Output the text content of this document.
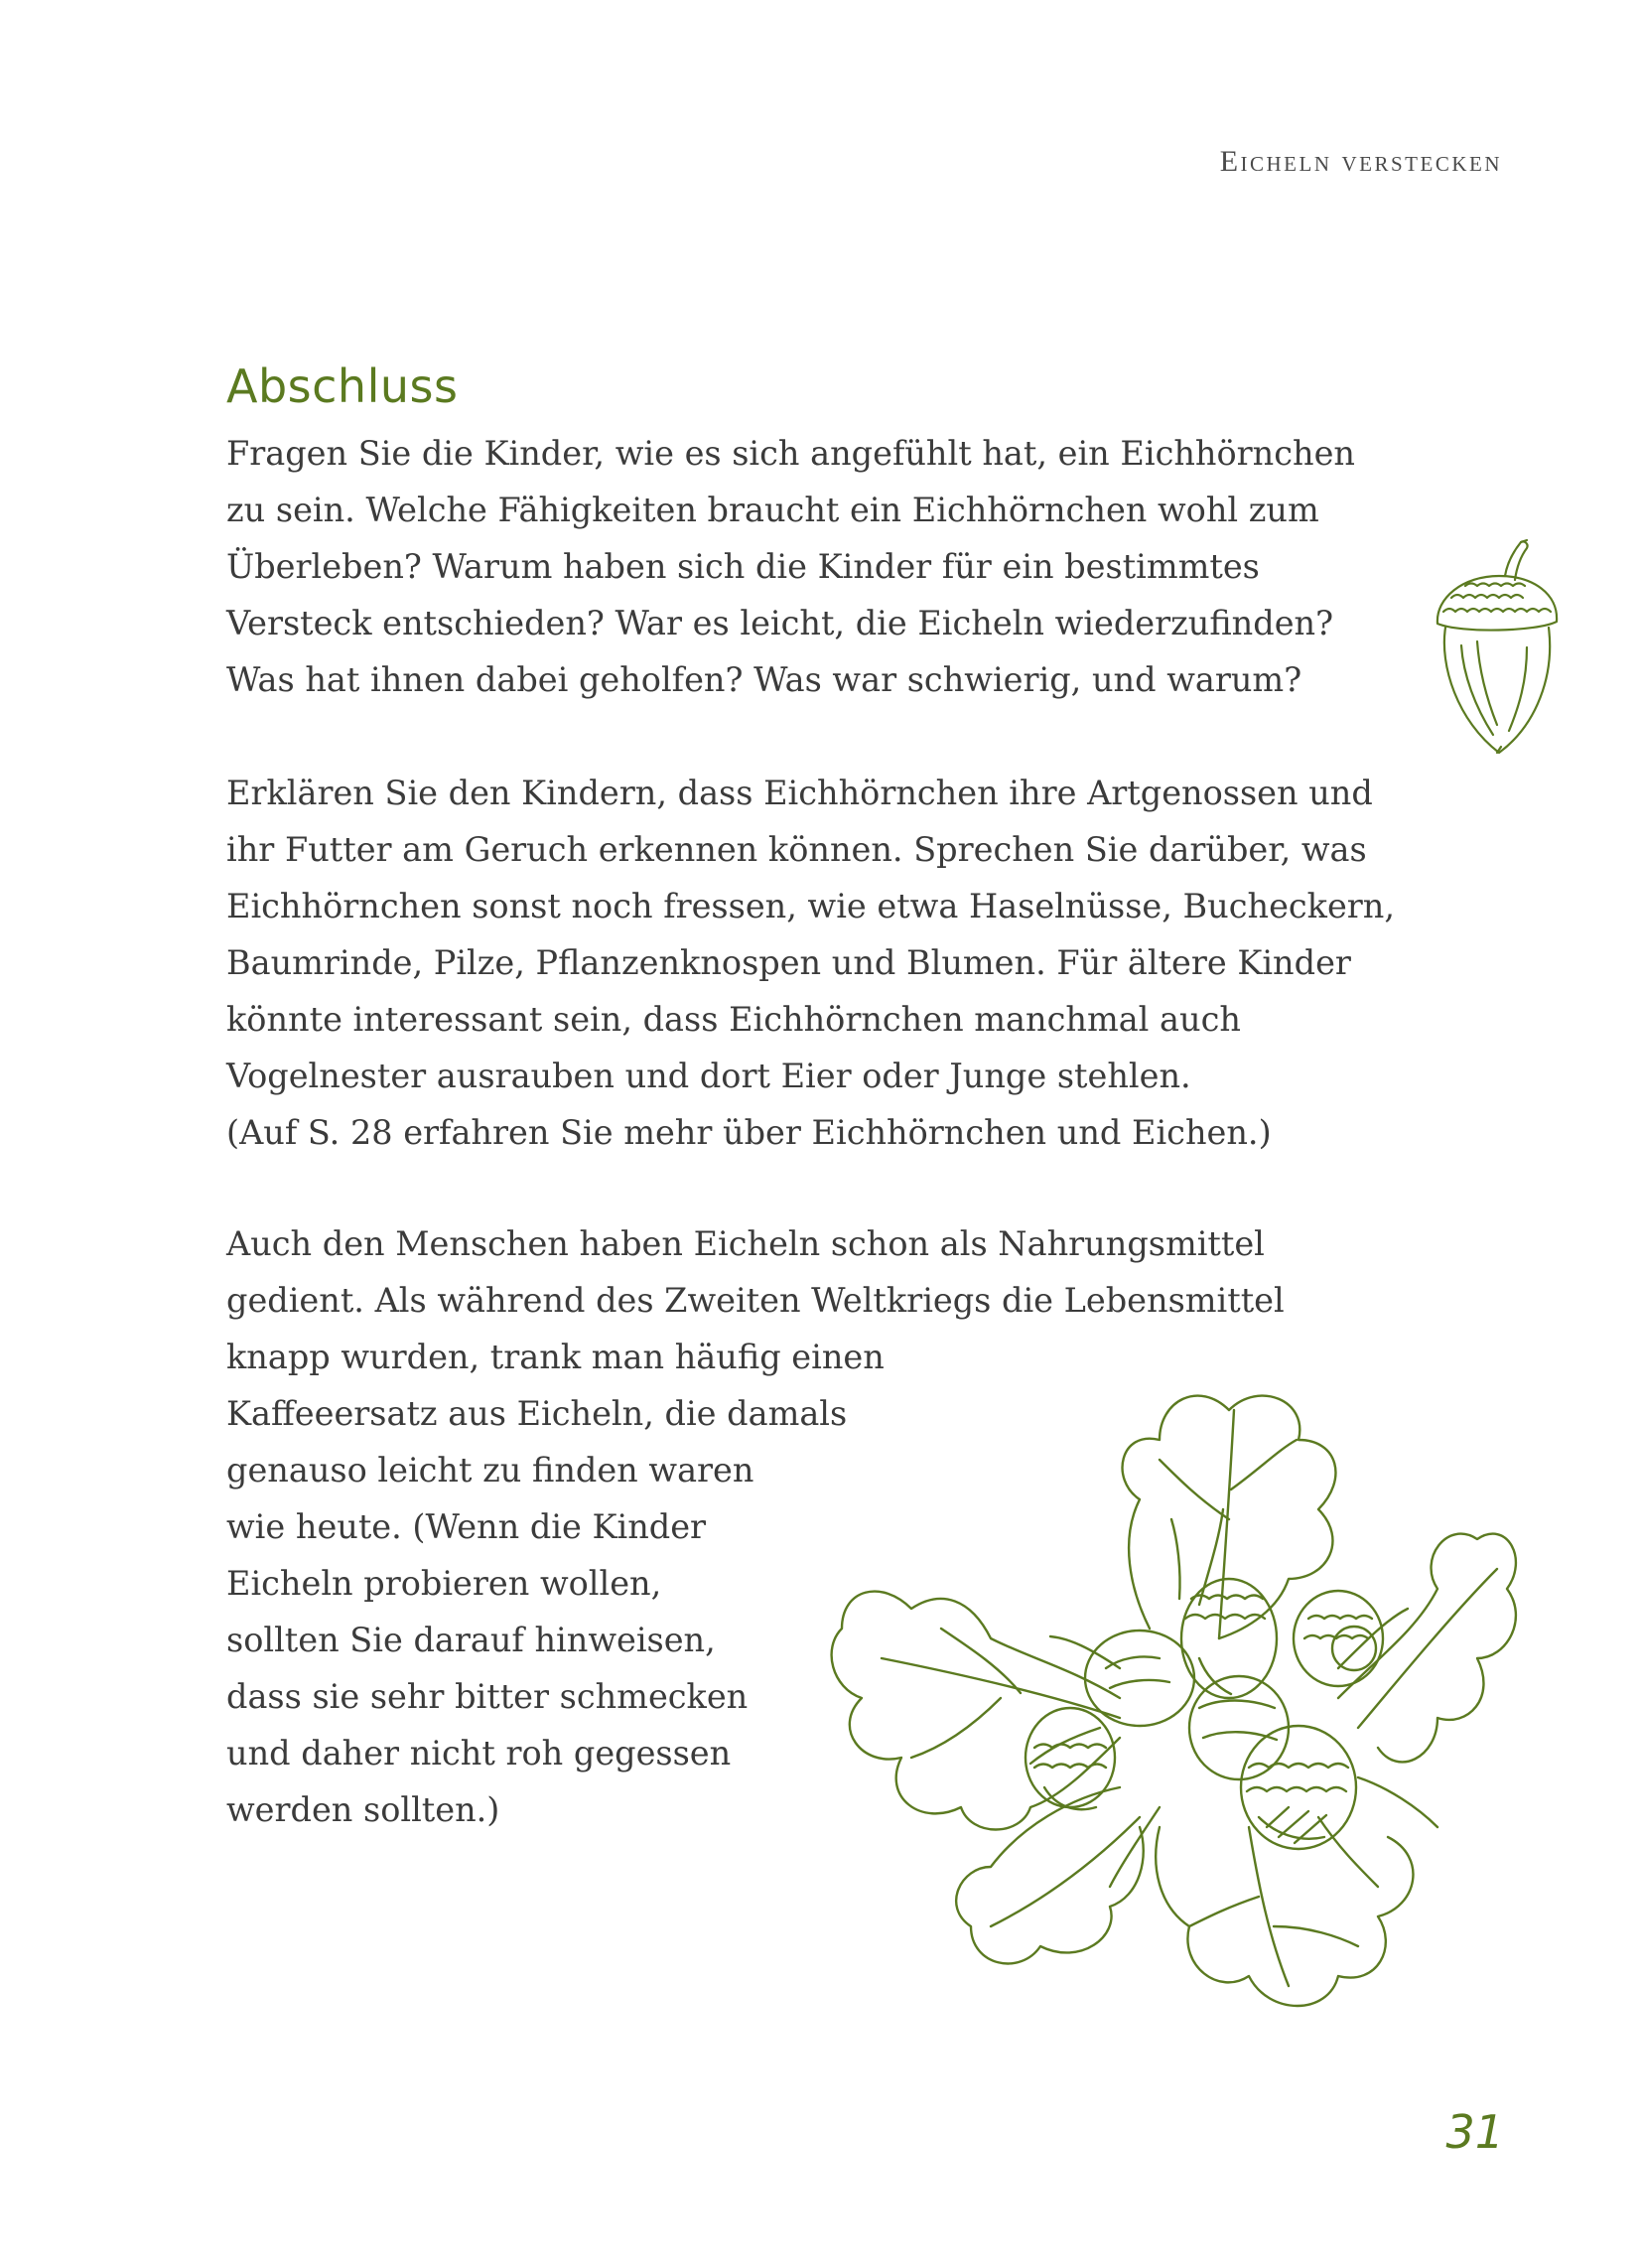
Eicheln verstecken
Abschluss

Fragen Sie die Kinder, wie es sich angefühlt hat, ein Eichhörnchen
zu sein. Welche Fähigkeiten braucht ein Eichhörnchen wohl zum
Überleben? Warum haben sich die Kinder für ein bestimmtes
Versteck entschieden? War es leicht, die Eicheln wiederzufinden?
Was hat ihnen dabei geholfen? Was war schwierig, und warum?

Erklären Sie den Kindern, dass Eichhörnchen ihre Artgenossen und
ihr Futter am Geruch erkennen können. Sprechen Sie darüber, was
Eichhörnchen sonst noch fressen, wie etwa Haselnüsse, Bucheckern,
Baumrinde, Pilze, Pflanzenknospen und Blumen. Für ältere Kinder
könnte interessant sein, dass Eichhörnchen manchmal auch
Vogelnester ausrauben und dort Eier oder Junge stehlen.
(Auf S. 28 erfahren Sie mehr über Eichhörnchen und Eichen.)

Auch den Menschen haben Eicheln schon als Nahrungsmittel
gedient. Als während des Zweiten Weltkriegs die Lebensmittel
knapp wurden, trank man häufig einen
Kaffeeersatz aus Eicheln, die damals
genauso leicht zu finden waren
wie heute. (Wenn die Kinder
Eicheln probieren wollen,
sollten Sie darauf hinweisen,
dass sie sehr bitter schmecken
und daher nicht roh gegessen
werden sollten.)

31
